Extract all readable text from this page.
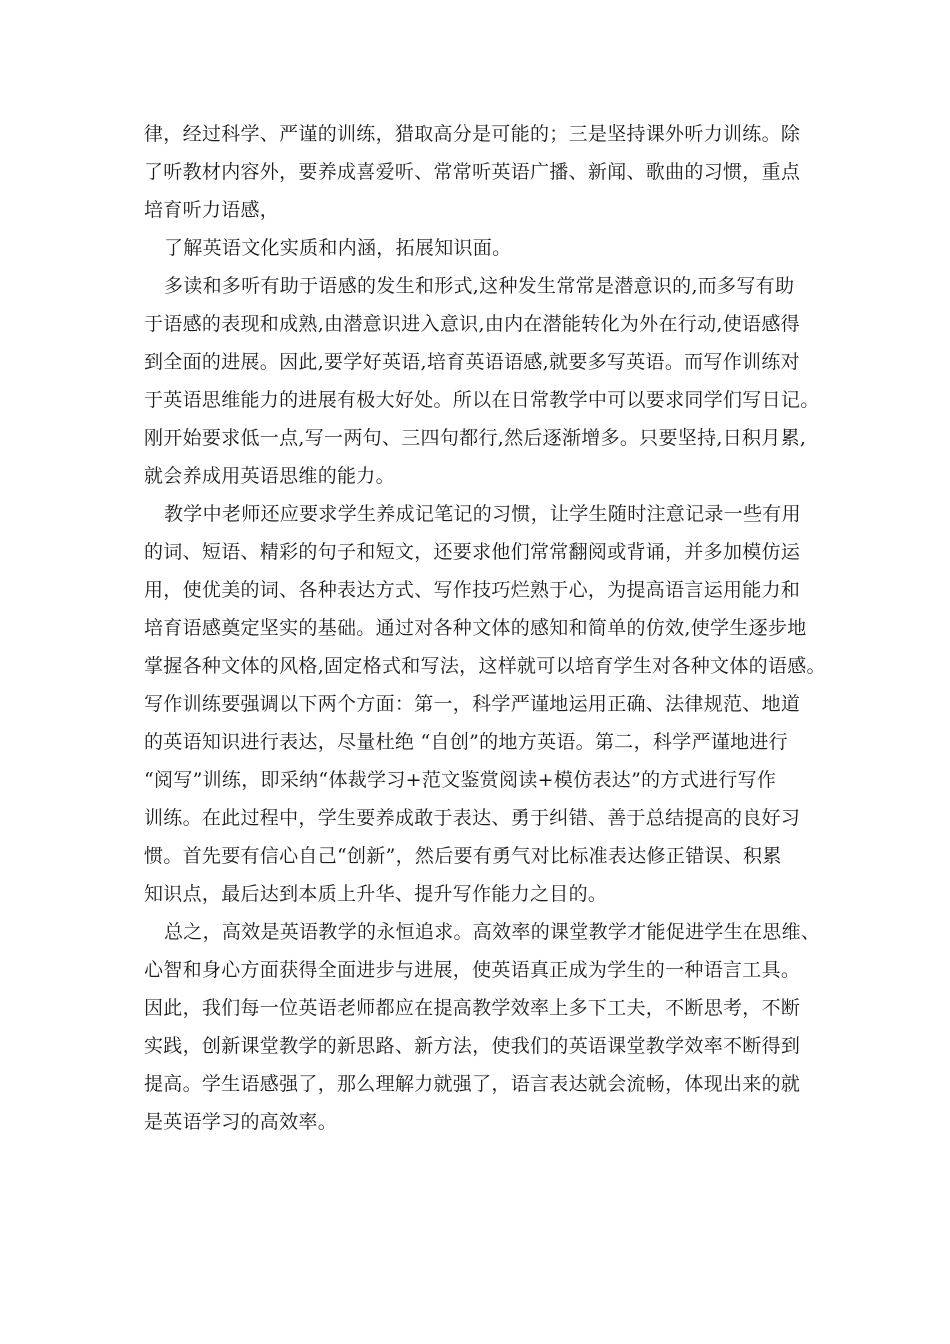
律，经过科学、严谨的训练，猎取高分是可能的；三是坚持课外听力训练。除
了听教材内容外，要养成喜爱听、常常听英语广播、新闻、歌曲的习惯，重点
培育听力语感，
了解英语文化实质和内涵，拓展知识面。
多读和多听有助于语感的发生和形式,这种发生常常是潜意识的,而多写有助
于语感的表现和成熟,由潜意识进入意识,由内在潜能转化为外在行动,使语感得
到全面的进展。因此,要学好英语,培育英语语感,就要多写英语。而写作训练对
于英语思维能力的进展有极大好处。所以在日常教学中可以要求同学们写日记。
刚开始要求低一点,写一两句、三四句都行,然后逐渐增多。只要坚持,日积月累,
就会养成用英语思维的能力。
教学中老师还应要求学生养成记笔记的习惯，让学生随时注意记录一些有用
的词、短语、精彩的句子和短文，还要求他们常常翻阅或背诵，并多加模仿运
用，使优美的词、各种表达方式、写作技巧烂熟于心，为提高语言运用能力和
培育语感奠定坚实的基础。通过对各种文体的感知和简单的仿效,使学生逐步地
掌握各种文体的风格,固定格式和写法，这样就可以培育学生对各种文体的语感。
写作训练要强调以下两个方面：第一，科学严谨地运用正确、法律规范、地道
的英语知识进行表达，尽量杜绝 “自创”的地方英语。第二，科学严谨地进行
“阅写”训练，即采纳“体裁学习+范文鉴赏阅读+模仿表达”的方式进行写作
训练。在此过程中，学生要养成敢于表达、勇于纠错、善于总结提高的良好习
惯。首先要有信心自己“创新”，然后要有勇气对比标准表达修正错误、积累
知识点，最后达到本质上升华、提升写作能力之目的。
总之，高效是英语教学的永恒追求。高效率的课堂教学才能促进学生在思维、
心智和身心方面获得全面进步与进展，使英语真正成为学生的一种语言工具。
因此，我们每一位英语老师都应在提高教学效率上多下工夫，不断思考，不断
实践，创新课堂教学的新思路、新方法，使我们的英语课堂教学效率不断得到
提高。学生语感强了，那么理解力就强了，语言表达就会流畅，体现出来的就
是英语学习的高效率。
